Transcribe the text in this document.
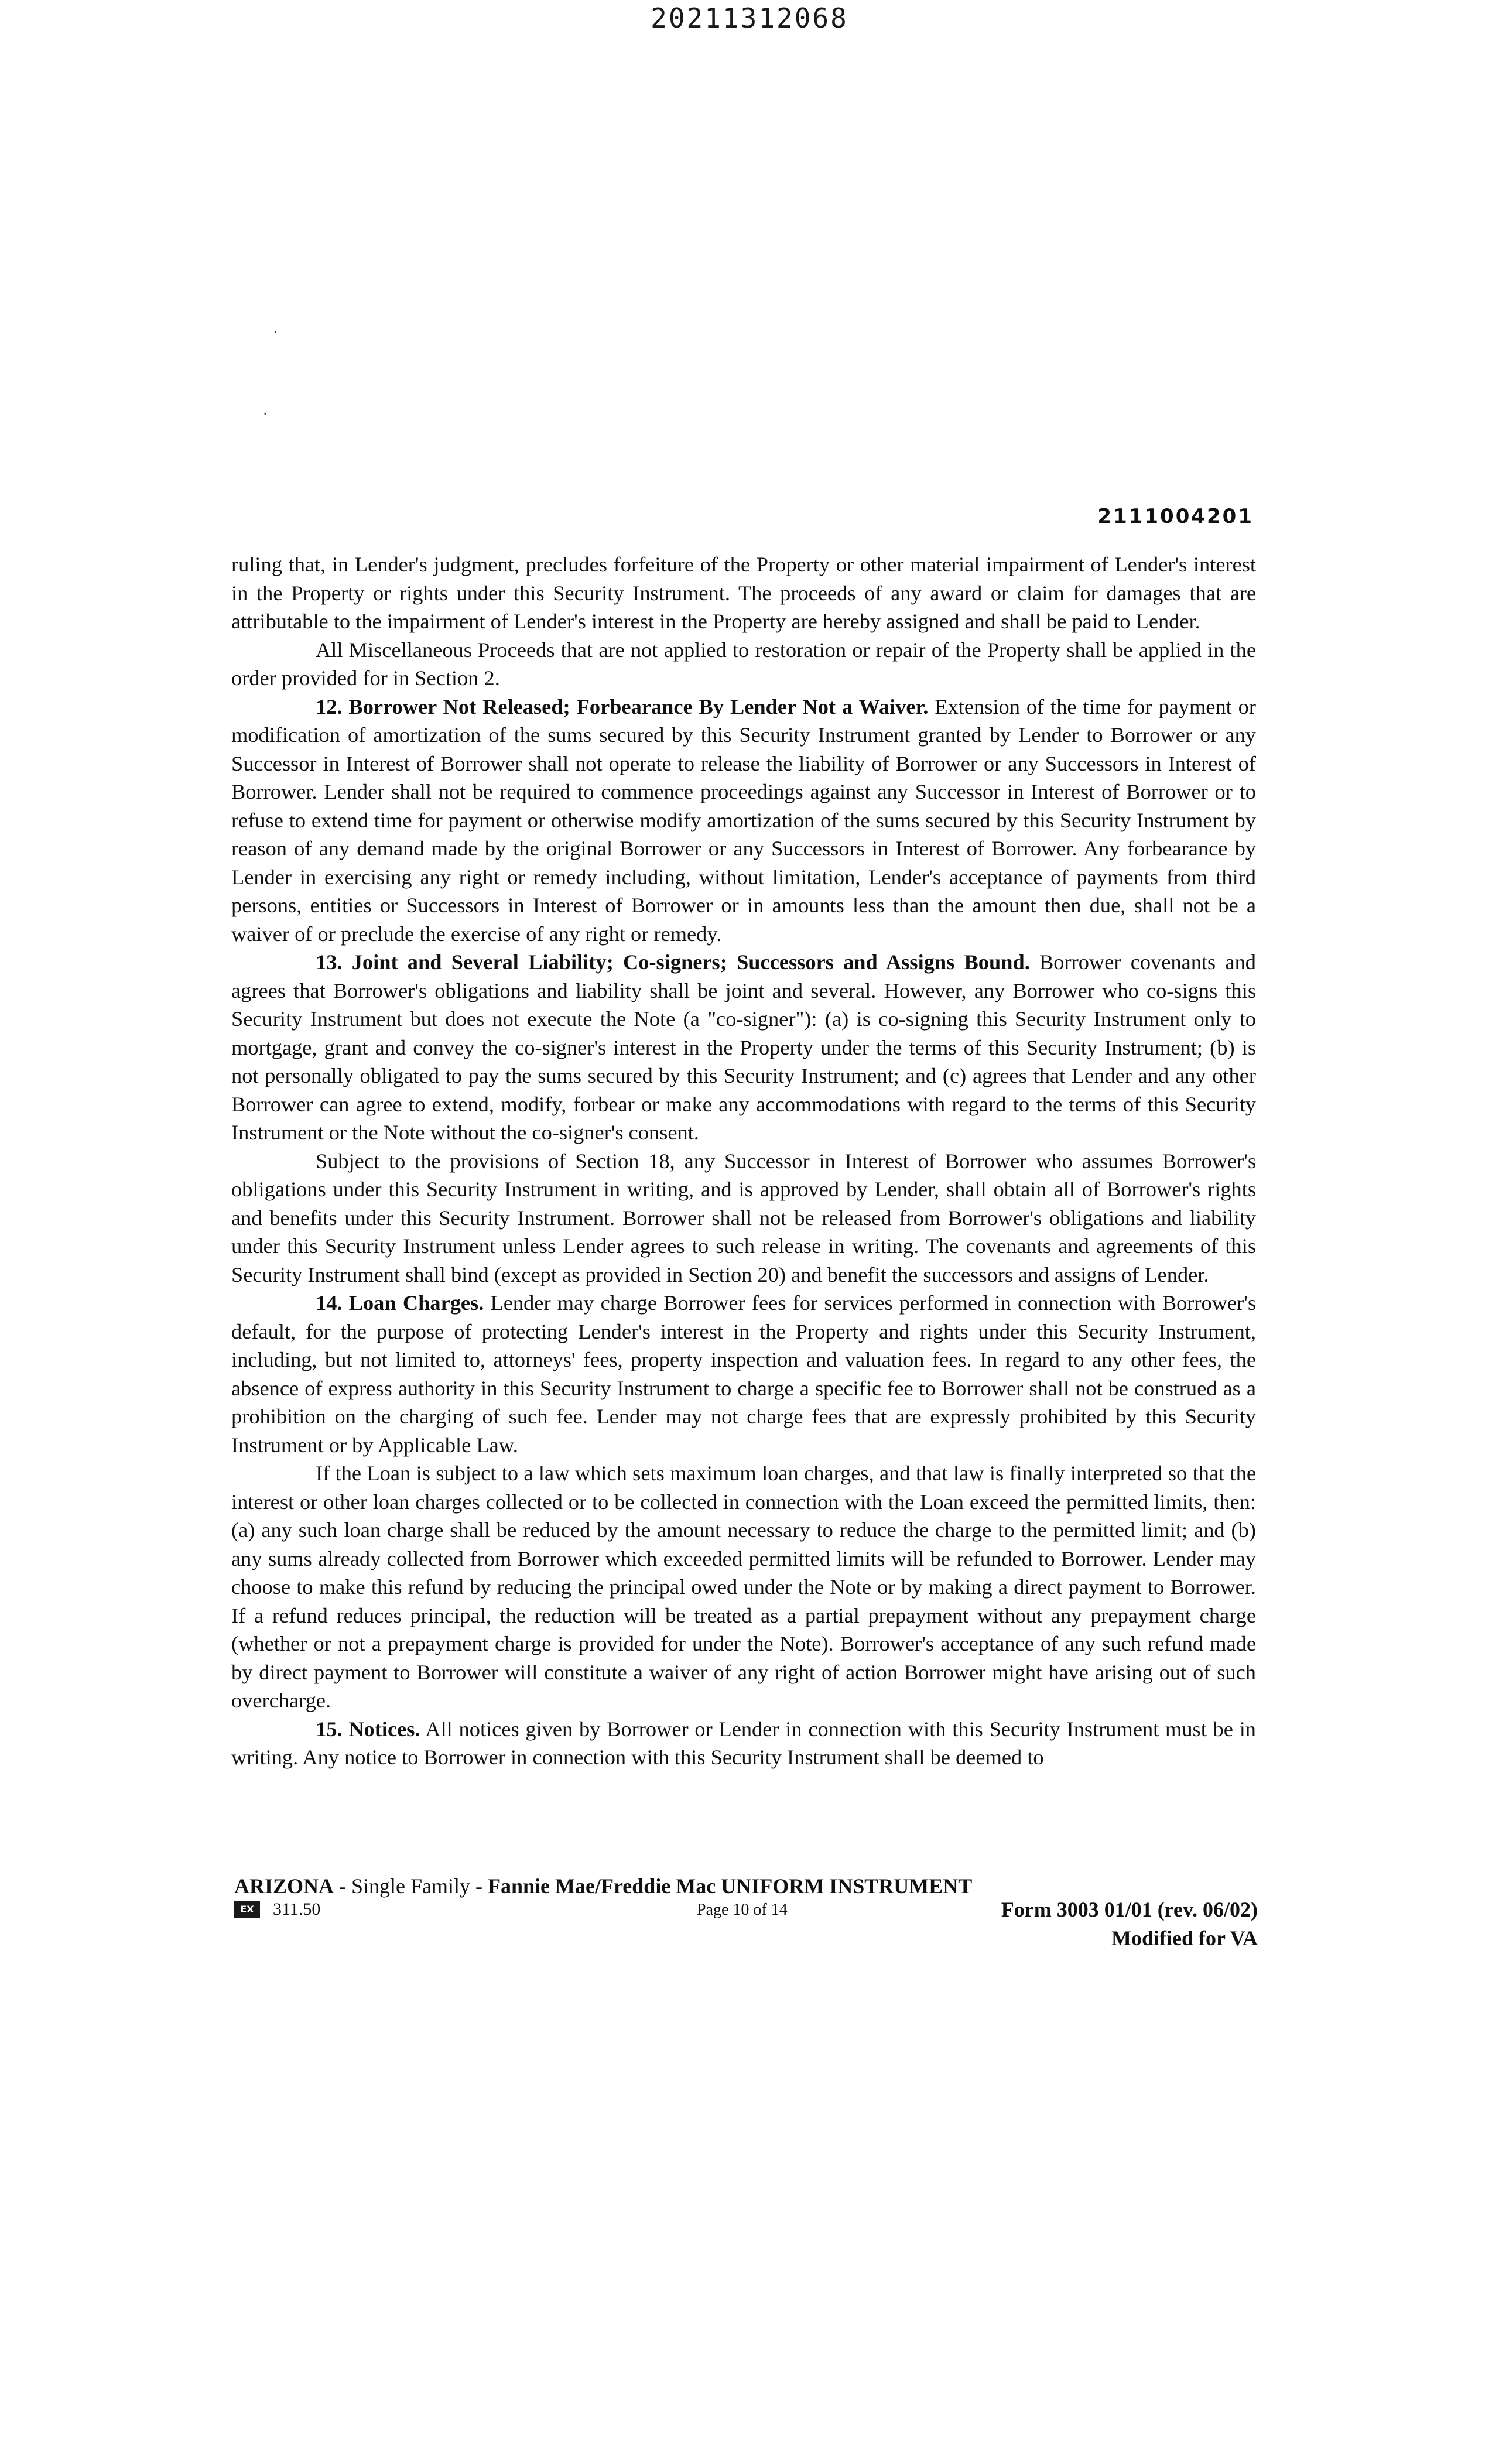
20211312068
.
.
2111004201

ruling that, in Lender's judgment, precludes forfeiture of the Property or other material impairment of Lender's interest in the Property or rights under this Security Instrument. The proceeds of any award or claim for damages that are attributable to the impairment of Lender's interest in the Property are hereby assigned and shall be paid to Lender.

All Miscellaneous Proceeds that are not applied to restoration or repair of the Property shall be applied in the order provided for in Section 2.

12. Borrower Not Released; Forbearance By Lender Not a Waiver. Extension of the time for payment or modification of amortization of the sums secured by this Security Instrument granted by Lender to Borrower or any Successor in Interest of Borrower shall not operate to release the liability of Borrower or any Successors in Interest of Borrower. Lender shall not be required to commence proceedings against any Successor in Interest of Borrower or to refuse to extend time for payment or otherwise modify amortization of the sums secured by this Security Instrument by reason of any demand made by the original Borrower or any Successors in Interest of Borrower. Any forbearance by Lender in exercising any right or remedy including, without limitation, Lender's acceptance of payments from third persons, entities or Successors in Interest of Borrower or in amounts less than the amount then due, shall not be a waiver of or preclude the exercise of any right or remedy.

13. Joint and Several Liability; Co-signers; Successors and Assigns Bound. Borrower covenants and agrees that Borrower's obligations and liability shall be joint and several. However, any Borrower who co-signs this Security Instrument but does not execute the Note (a "co-signer"): (a) is co-signing this Security Instrument only to mortgage, grant and convey the co-signer's interest in the Property under the terms of this Security Instrument; (b) is not personally obligated to pay the sums secured by this Security Instrument; and (c) agrees that Lender and any other Borrower can agree to extend, modify, forbear or make any accommodations with regard to the terms of this Security Instrument or the Note without the co-signer's consent.

Subject to the provisions of Section 18, any Successor in Interest of Borrower who assumes Borrower's obligations under this Security Instrument in writing, and is approved by Lender, shall obtain all of Borrower's rights and benefits under this Security Instrument. Borrower shall not be released from Borrower's obligations and liability under this Security Instrument unless Lender agrees to such release in writing. The covenants and agreements of this Security Instrument shall bind (except as provided in Section 20) and benefit the successors and assigns of Lender.

14. Loan Charges. Lender may charge Borrower fees for services performed in connection with Borrower's default, for the purpose of protecting Lender's interest in the Property and rights under this Security Instrument, including, but not limited to, attorneys' fees, property inspection and valuation fees. In regard to any other fees, the absence of express authority in this Security Instrument to charge a specific fee to Borrower shall not be construed as a prohibition on the charging of such fee. Lender may not charge fees that are expressly prohibited by this Security Instrument or by Applicable Law.

If the Loan is subject to a law which sets maximum loan charges, and that law is finally interpreted so that the interest or other loan charges collected or to be collected in connection with the Loan exceed the permitted limits, then: (a) any such loan charge shall be reduced by the amount necessary to reduce the charge to the permitted limit; and (b) any sums already collected from Borrower which exceeded permitted limits will be refunded to Borrower. Lender may choose to make this refund by reducing the principal owed under the Note or by making a direct payment to Borrower. If a refund reduces principal, the reduction will be treated as a partial prepayment without any prepayment charge (whether or not a prepayment charge is provided for under the Note). Borrower's acceptance of any such refund made by direct payment to Borrower will constitute a waiver of any right of action Borrower might have arising out of such overcharge.

15. Notices. All notices given by Borrower or Lender in connection with this Security Instrument must be in writing. Any notice to Borrower in connection with this Security Instrument shall be deemed to

ARIZONA - Single Family - Fannie Mae/Freddie Mac UNIFORM INSTRUMENT
EX	311.50	Page 10 of 14	Form 3003 01/01 (rev. 06/02)
Modified for VA
